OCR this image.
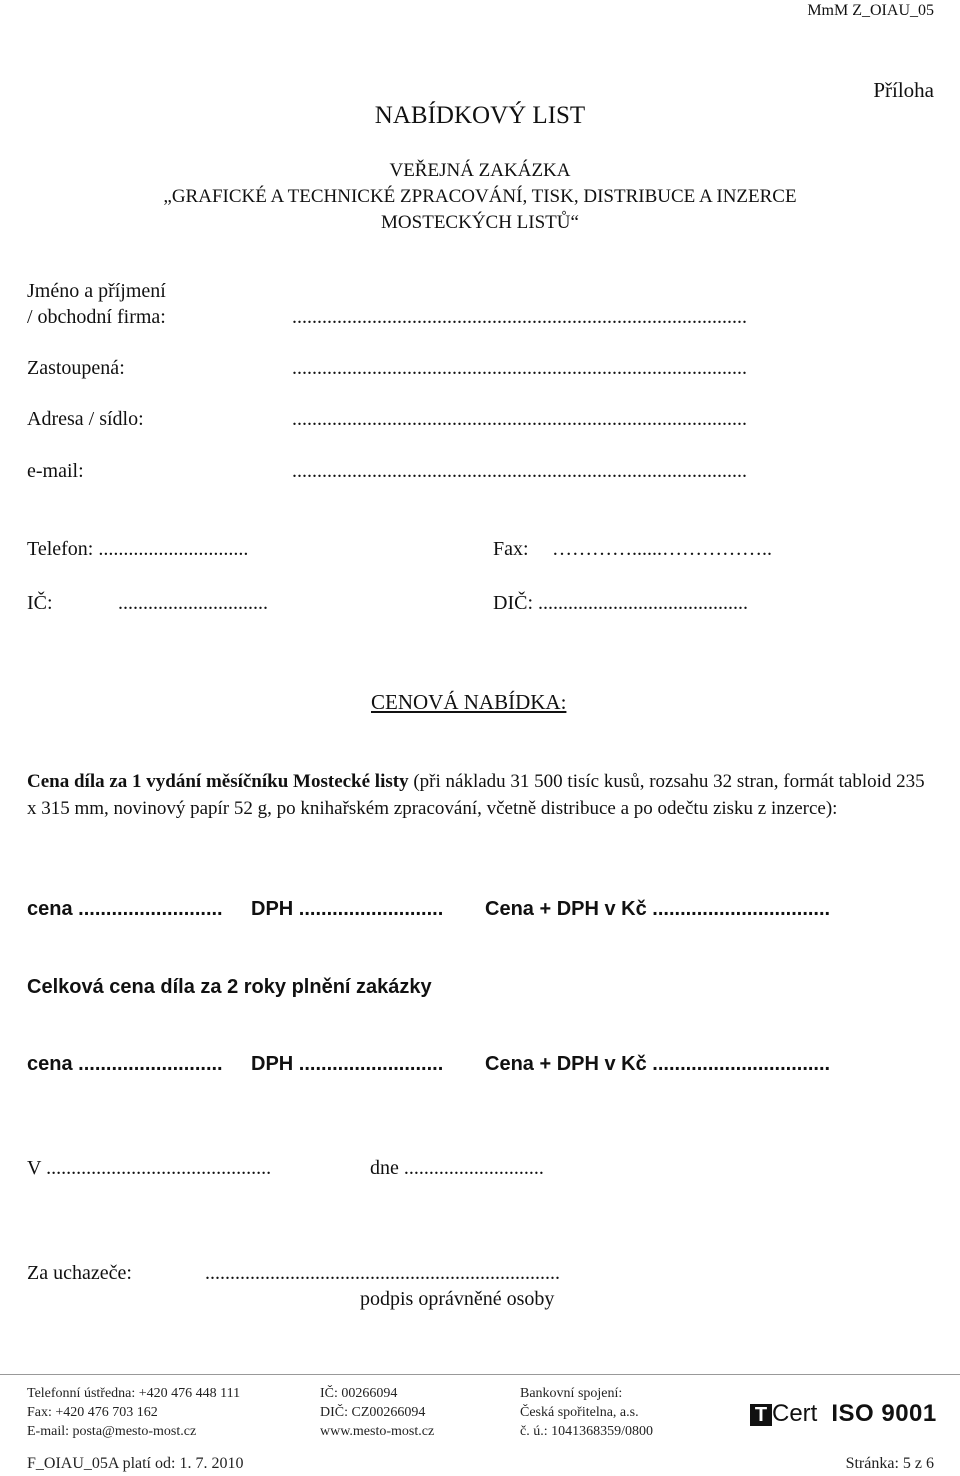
MmM Z_OIAU_05
Příloha
NABÍDKOVÝ LIST
VEŘEJNÁ ZAKÁZKA
„GRAFICKÉ A TECHNICKÉ ZPRACOVÁNÍ, TISK, DISTRIBUCE A INZERCE
MOSTECKÝCH LISTŮ“
Jméno a příjmení
/ obchodní firma:	...........................................................................................
Zastoupená:	...........................................................................................
Adresa / sídlo:	...........................................................................................
e-mail:	...........................................................................................
Telefon: ..............................	Fax: …………......……………..
IČ:	..............................	DIČ: ..........................................
CENOVÁ NABÍDKA:
Cena díla za 1 vydání měsíčníku Mostecké listy (při nákladu 31 500 tisíc kusů, rozsahu 32 stran, formát tabloid 235 x 315 mm, novinový papír 52 g, po knihařském zpracování, včetně distribuce a po odečtu zisku z inzerce):
cena .......................... DPH .......................... Cena + DPH v Kč ................................
Celková cena díla za 2 roky plnění zakázky
cena .......................... DPH .......................... Cena + DPH v Kč ................................
V .............................................	dne ............................
Za uchazeče:	.......................................................................
podpis oprávněné osoby
Telefonní ústředna: +420 476 448 111
Fax: +420 476 703 162
E-mail: posta@mesto-most.cz
IČ: 00266094
DIČ: CZ00266094
www.mesto-most.cz
Bankovní spojení:
Česká spořitelna, a.s.
č. ú.: 1041368359/0800
T Cert ISO 9001
F_OIAU_05A platí od: 1. 7. 2010	Stránka: 5 z 6
